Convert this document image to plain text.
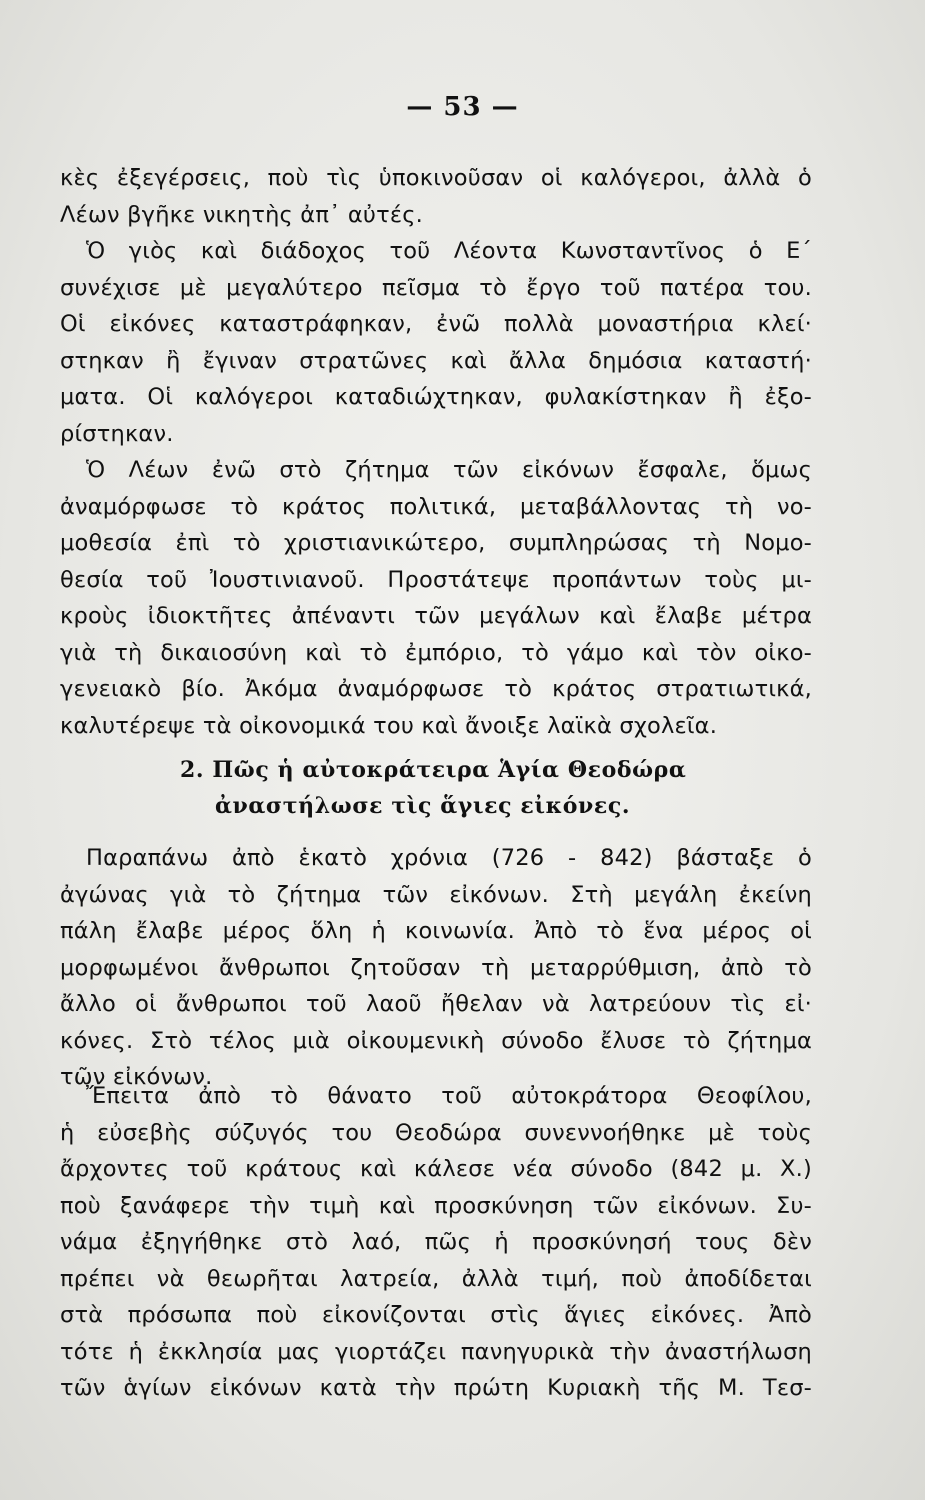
— 53 —
κὲς ἐξεγέρσεις, ποὺ τὶς ὑποκινοῦσαν οἱ καλόγεροι, ἀλλὰ ὁ
Λέων βγῆκε νικητὴς ἀπ᾽ αὐτές.
Ὁ γιὸς καὶ διάδοχος τοῦ Λέοντα Κωνσταντῖνος ὁ Ε΄
συνέχισε μὲ μεγαλύτερο πεῖσμα τὸ ἔργο τοῦ πατέρα του.
Οἱ εἰκόνες καταστράφηκαν, ἐνῶ πολλὰ μοναστήρια κλεί·
στηκαν ἢ ἔγιναν στρατῶνες καὶ ἄλλα δημόσια καταστή·
ματα. Οἱ καλόγεροι καταδιώχτηκαν, φυλακίστηκαν ἢ ἐξο-
ρίστηκαν.
Ὁ Λέων ἐνῶ στὸ ζήτημα τῶν εἰκόνων ἔσφαλε, ὅμως
ἀναμόρφωσε τὸ κράτος πολιτικά, μεταβάλλοντας τὴ νο-
μοθεσία ἐπὶ τὸ χριστιανικώτερο, συμπληρώσας τὴ Νομο-
θεσία τοῦ Ἰουστινιανοῦ. Προστάτεψε προπάντων τοὺς μι-
κροὺς ἰδιοκτῆτες ἀπέναντι τῶν μεγάλων καὶ ἔλαβε μέτρα
γιὰ τὴ δικαιοσύνη καὶ τὸ ἐμπόριο, τὸ γάμο καὶ τὸν οἰκο-
γενειακὸ βίο. Ἀκόμα ἀναμόρφωσε τὸ κράτος στρατιωτικά,
καλυτέρεψε τὰ οἰκονομικά του καὶ ἄνοιξε λαϊκὰ σχολεῖα.
2. Πῶς ἡ αὐτοκράτειρα Ἁγία Θεοδώρα
ἀναστήλωσε τὶς ἅγιες εἰκόνες.
Παραπάνω ἀπὸ ἑκατὸ χρόνια (726 - 842) βάσταξε ὁ
ἀγώνας γιὰ τὸ ζήτημα τῶν εἰκόνων. Στὴ μεγάλη ἐκείνη
πάλη ἔλαβε μέρος ὅλη ἡ κοινωνία. Ἀπὸ τὸ ἕνα μέρος οἱ
μορφωμένοι ἄνθρωποι ζητοῦσαν τὴ μεταρρύθμιση, ἀπὸ τὸ
ἄλλο οἱ ἄνθρωποι τοῦ λαοῦ ἤθελαν νὰ λατρεύουν τὶς εἰ·
κόνες. Στὸ τέλος μιὰ οἰκουμενικὴ σύνοδο ἔλυσε τὸ ζήτημα
τῶν εἰκόνων.
Ἔπειτα ἀπὸ τὸ θάνατο τοῦ αὐτοκράτορα Θεοφίλου,
ἡ εὐσεβὴς σύζυγός του Θεοδώρα συνεννοήθηκε μὲ τοὺς
ἄρχοντες τοῦ κράτους καὶ κάλεσε νέα σύνοδο (842 μ. Χ.)
ποὺ ξανάφερε τὴν τιμὴ καὶ προσκύνηση τῶν εἰκόνων. Συ-
νάμα ἐξηγήθηκε στὸ λαό, πῶς ἡ προσκύνησή τους δὲν
πρέπει νὰ θεωρῆται λατρεία, ἀλλὰ τιμή, ποὺ ἀποδίδεται
στὰ πρόσωπα ποὺ εἰκονίζονται στὶς ἅγιες εἰκόνες. Ἀπὸ
τότε ἡ ἐκκλησία μας γιορτάζει πανηγυρικὰ τὴν ἀναστήλωση
τῶν ἁγίων εἰκόνων κατὰ τὴν πρώτη Κυριακὴ τῆς Μ. Τεσ-
